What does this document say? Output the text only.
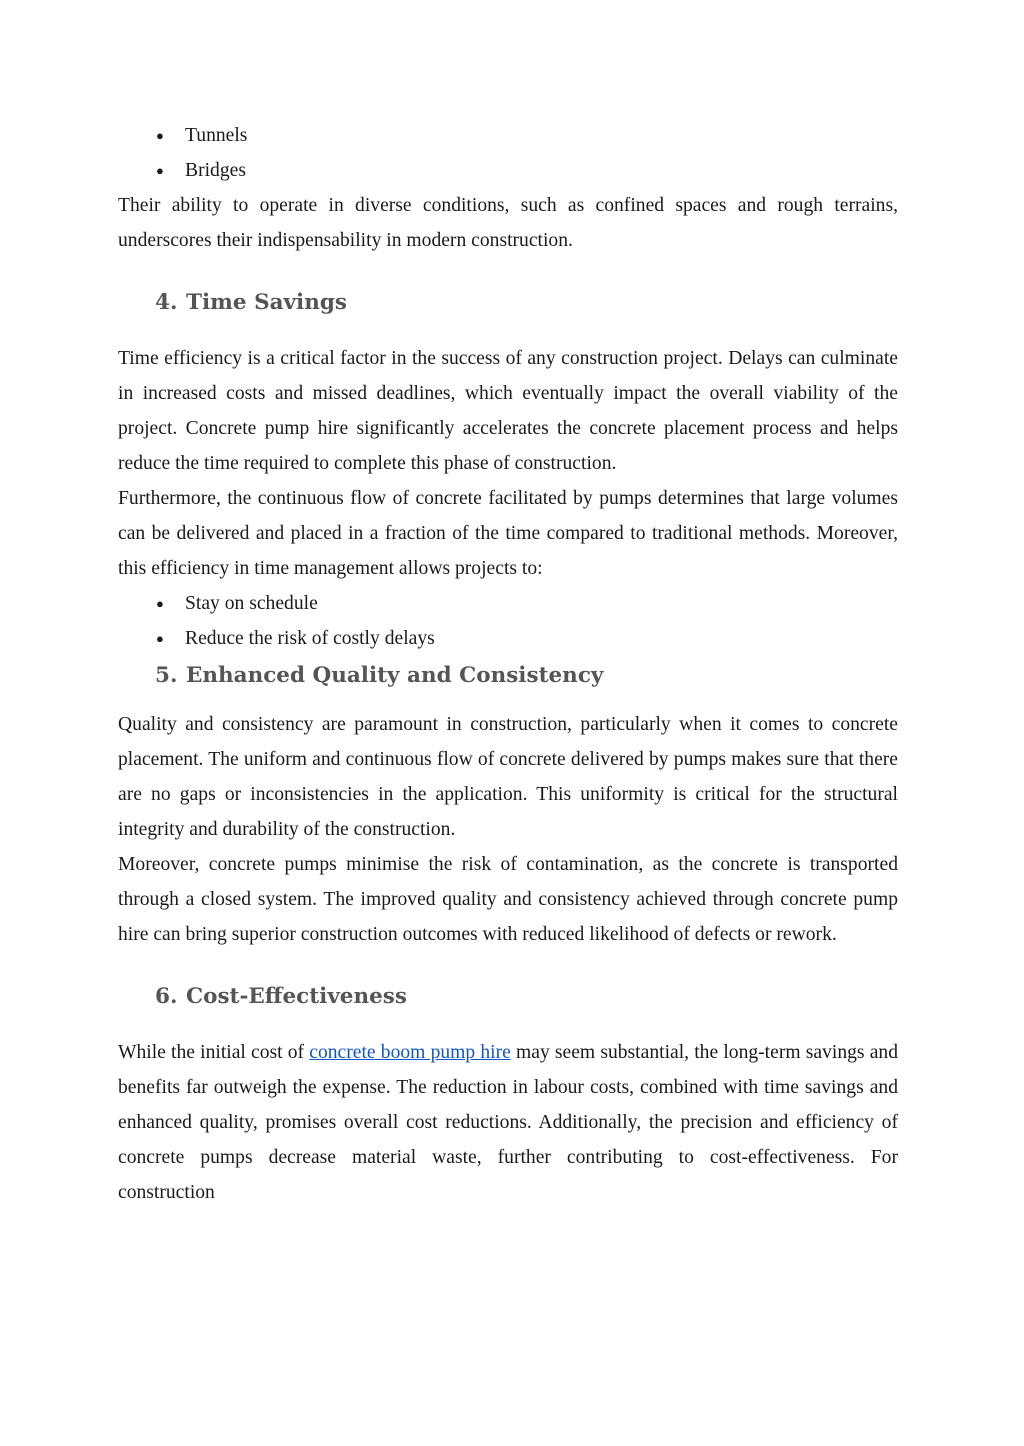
● Tunnels
● Bridges

Their ability to operate in diverse conditions, such as confined spaces and rough terrains, underscores their indispensability in modern construction.

4. Time Savings

Time efficiency is a critical factor in the success of any construction project. Delays can culminate in increased costs and missed deadlines, which eventually impact the overall viability of the project. Concrete pump hire significantly accelerates the concrete placement process and helps reduce the time required to complete this phase of construction.

Furthermore, the continuous flow of concrete facilitated by pumps determines that large volumes can be delivered and placed in a fraction of the time compared to traditional methods. Moreover, this efficiency in time management allows projects to:

● Stay on schedule
● Reduce the risk of costly delays
5. Enhanced Quality and Consistency

Quality and consistency are paramount in construction, particularly when it comes to concrete placement. The uniform and continuous flow of concrete delivered by pumps makes sure that there are no gaps or inconsistencies in the application. This uniformity is critical for the structural integrity and durability of the construction.

Moreover, concrete pumps minimise the risk of contamination, as the concrete is transported through a closed system. The improved quality and consistency achieved through concrete pump hire can bring superior construction outcomes with reduced likelihood of defects or rework.

6. Cost-Effectiveness

While the initial cost of concrete boom pump hire may seem substantial, the long-term savings and benefits far outweigh the expense. The reduction in labour costs, combined with time savings and enhanced quality, promises overall cost reductions. Additionally, the precision and efficiency of concrete pumps decrease material waste, further contributing to cost-effectiveness. For construction
